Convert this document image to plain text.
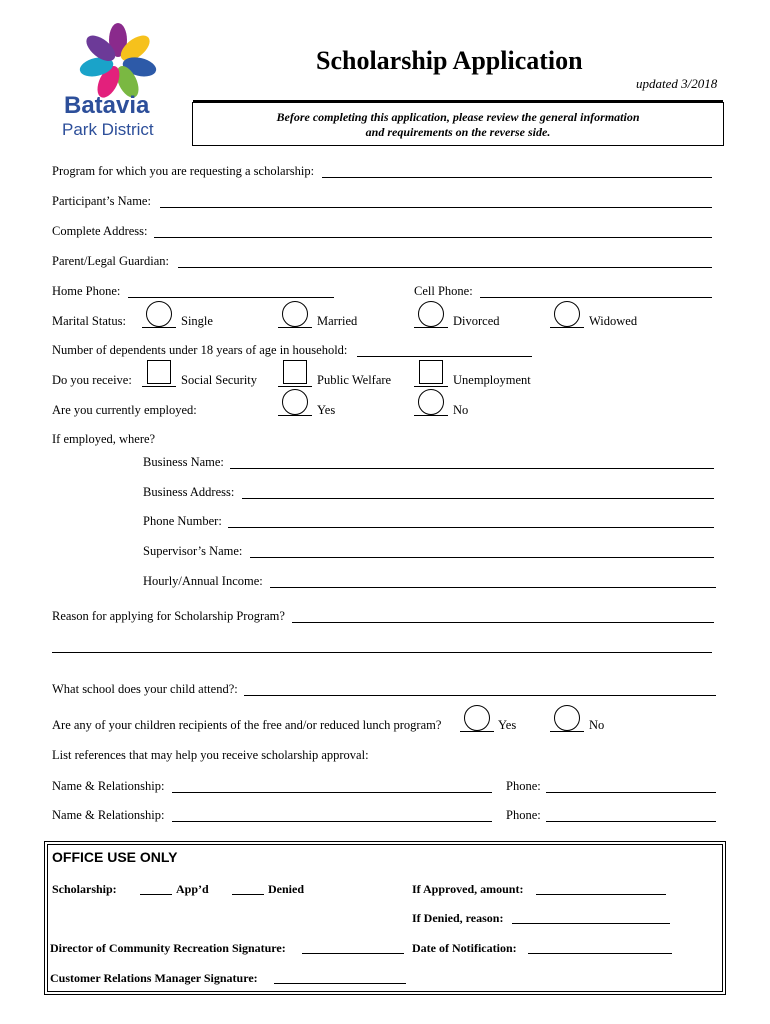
Batavia
Park District
Scholarship Application
updated 3/2018
Before completing this application, please review the general information
and requirements on the reverse side.
Program for which you are requesting a scholarship:
Participant’s Name:
Complete Address:
Parent/Legal Guardian:
Home Phone:	Cell Phone:
Marital Status:	Single	Married	Divorced	Widowed
Number of dependents under 18 years of age in household:
Do you receive:	Social Security	Public Welfare	Unemployment
Are you currently employed:	Yes	No
If employed, where?
Business Name:
Business Address:
Phone Number:
Supervisor’s Name:
Hourly/Annual Income:
Reason for applying for Scholarship Program?
What school does your child attend?:
Are any of your children recipients of the free and/or reduced lunch program?	Yes	No
List references that may help you receive scholarship approval:
Name & Relationship:	Phone:
Name & Relationship:	Phone:
OFFICE USE ONLY
Scholarship:	App’d	Denied	If Approved, amount:
If Denied, reason:
Director of Community Recreation Signature:	Date of Notification:
Customer Relations Manager Signature:
